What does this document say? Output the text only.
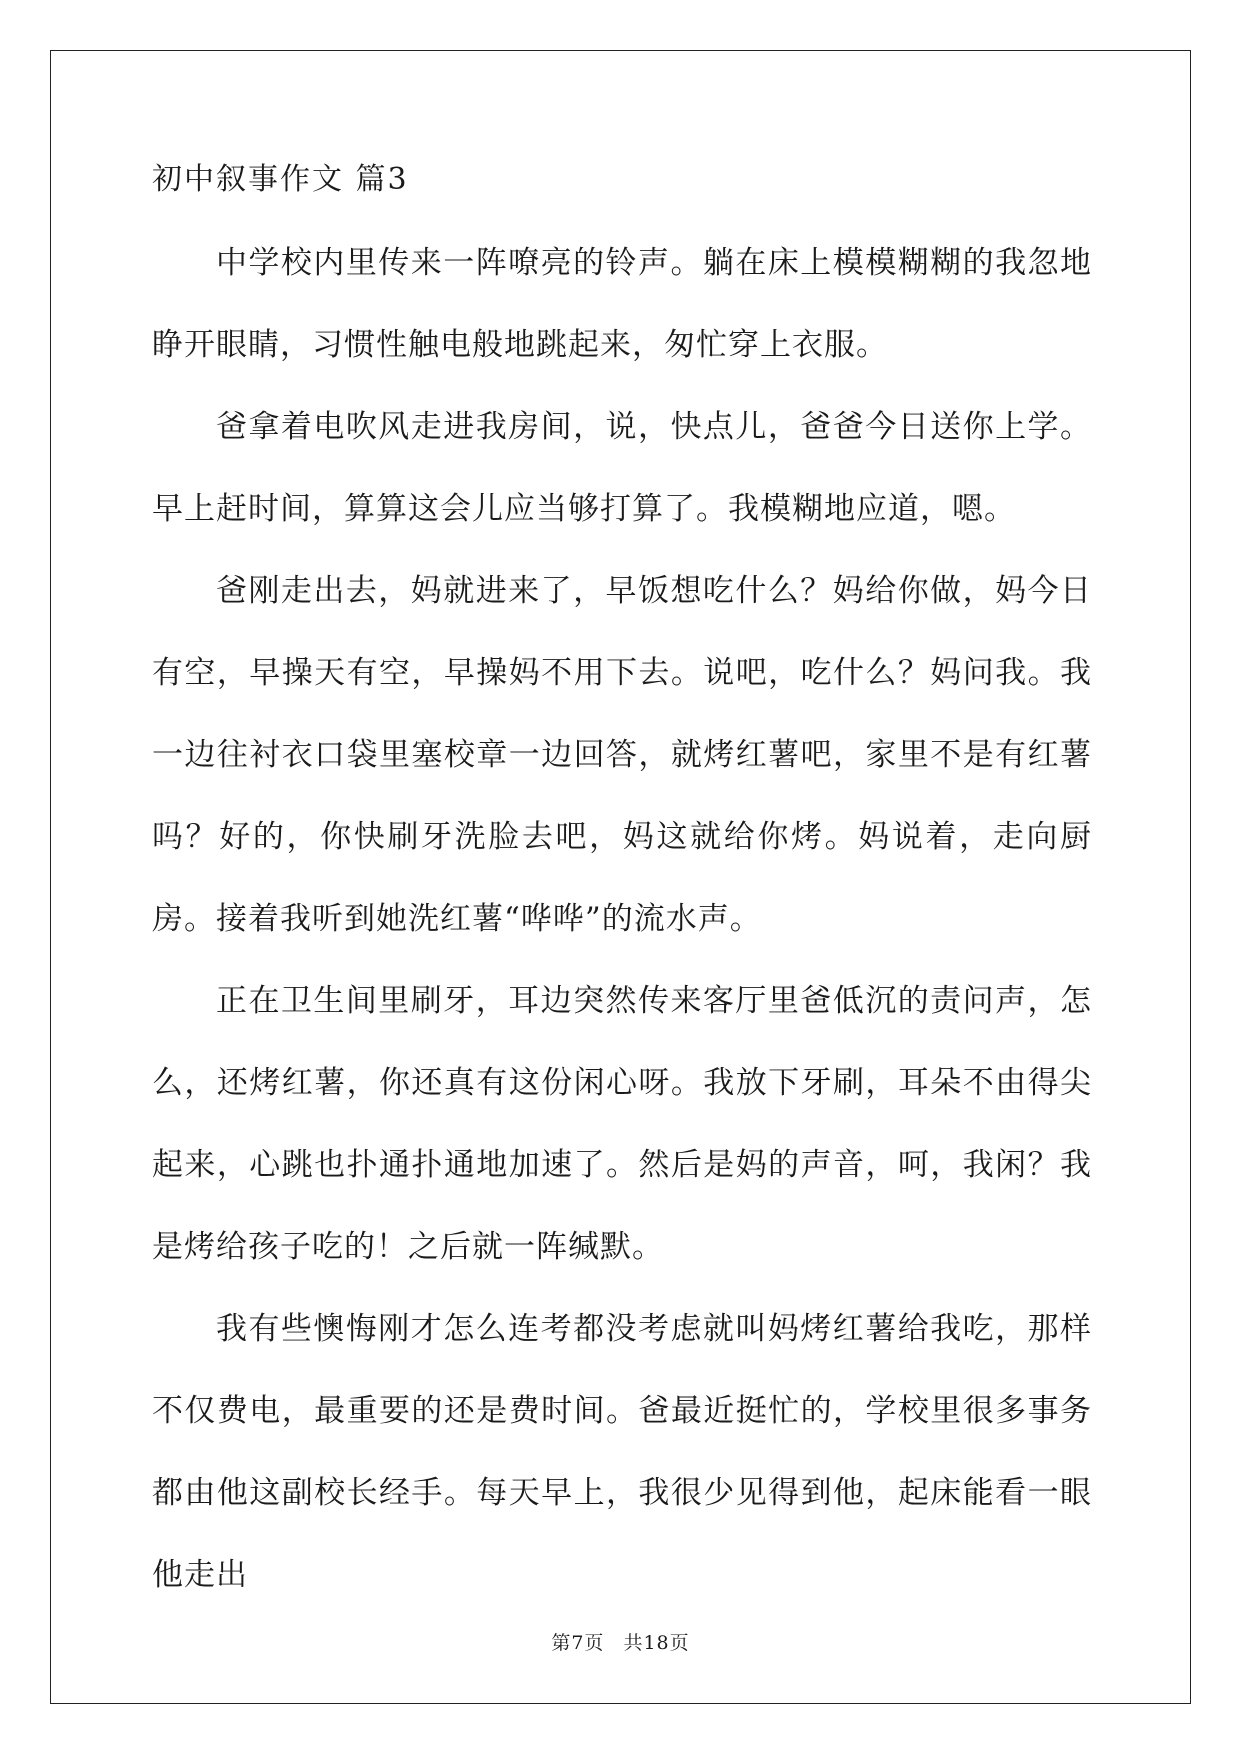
初中叙事作文 篇3

中学校内里传来一阵嘹亮的铃声。躺在床上模模糊糊的我忽地睁开眼睛，习惯性触电般地跳起来，匆忙穿上衣服。

爸拿着电吹风走进我房间，说，快点儿，爸爸今日送你上学。早上赶时间，算算这会儿应当够打算了。我模糊地应道，嗯。

爸刚走出去，妈就进来了，早饭想吃什么？妈给你做，妈今日有空，早操天有空，早操妈不用下去。说吧，吃什么？妈问我。我一边往衬衣口袋里塞校章一边回答，就烤红薯吧，家里不是有红薯吗？好的，你快刷牙洗脸去吧，妈这就给你烤。妈说着，走向厨房。接着我听到她洗红薯“哗哗”的流水声。

正在卫生间里刷牙，耳边突然传来客厅里爸低沉的责问声，怎么，还烤红薯，你还真有这份闲心呀。我放下牙刷，耳朵不由得尖起来，心跳也扑通扑通地加速了。然后是妈的声音，呵，我闲？我是烤给孩子吃的！之后就一阵缄默。

我有些懊悔刚才怎么连考都没考虑就叫妈烤红薯给我吃，那样不仅费电，最重要的还是费时间。爸最近挺忙的，学校里很多事务都由他这副校长经手。每天早上，我很少见得到他，起床能看一眼他走出

第7页 共18页
